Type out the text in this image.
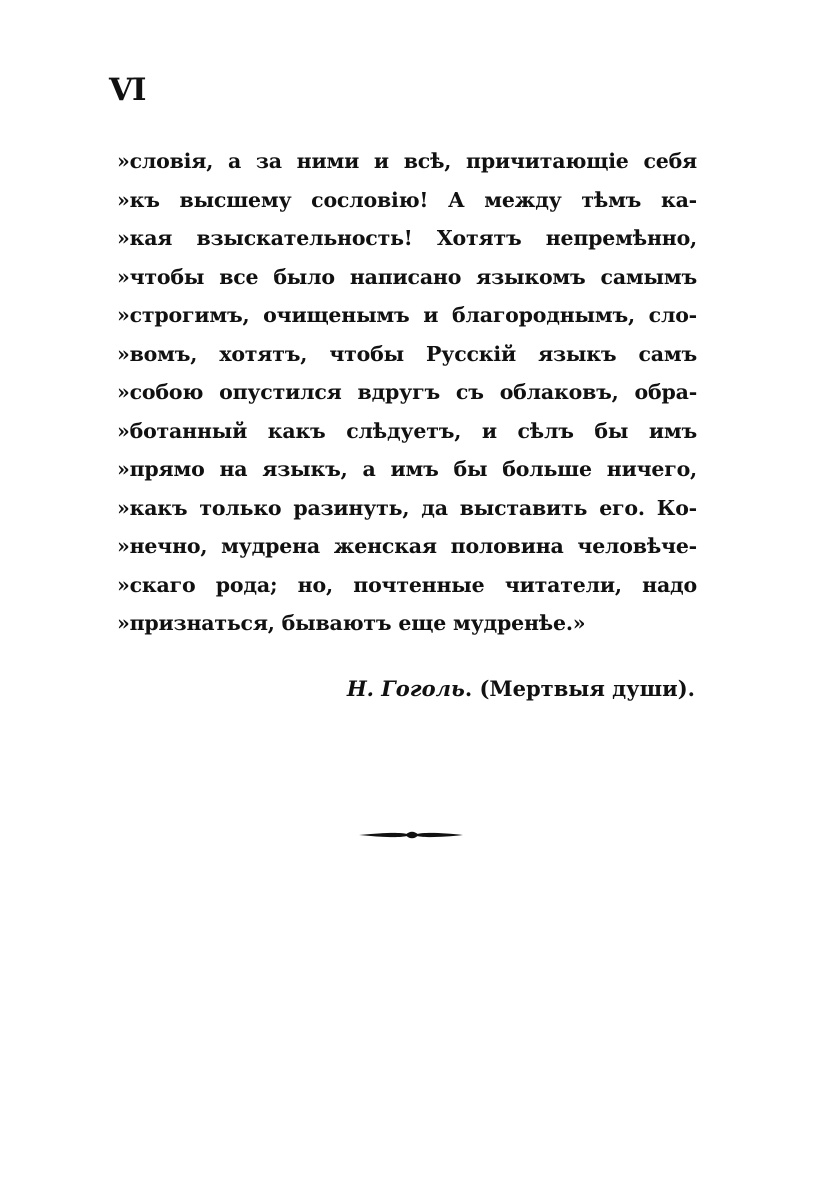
VI
»словія, а за ними и всѣ, причитающіе себя
»къ высшему сословію! А между тѣмъ ка-
»кая взыскательность! Хотятъ непремѣнно,
»чтобы все было написано языкомъ самымъ
»строгимъ, очищенымъ и благороднымъ, сло-
»вомъ, хотятъ, чтобы Русскій языкъ самъ
»собою опустился вдругъ съ облаковъ, обра-
»ботанный какъ слѣдуетъ, и сѣлъ бы имъ
»прямо на языкъ, а имъ бы больше ничего,
»какъ только разинуть, да выставить его. Ко-
»нечно, мудрена женская половина человѣче-
»скаго рода; но, почтенные читатели, надо
»признаться, бываютъ еще мудренѣе.»
Н. Гоголь. (Мертвыя души).
